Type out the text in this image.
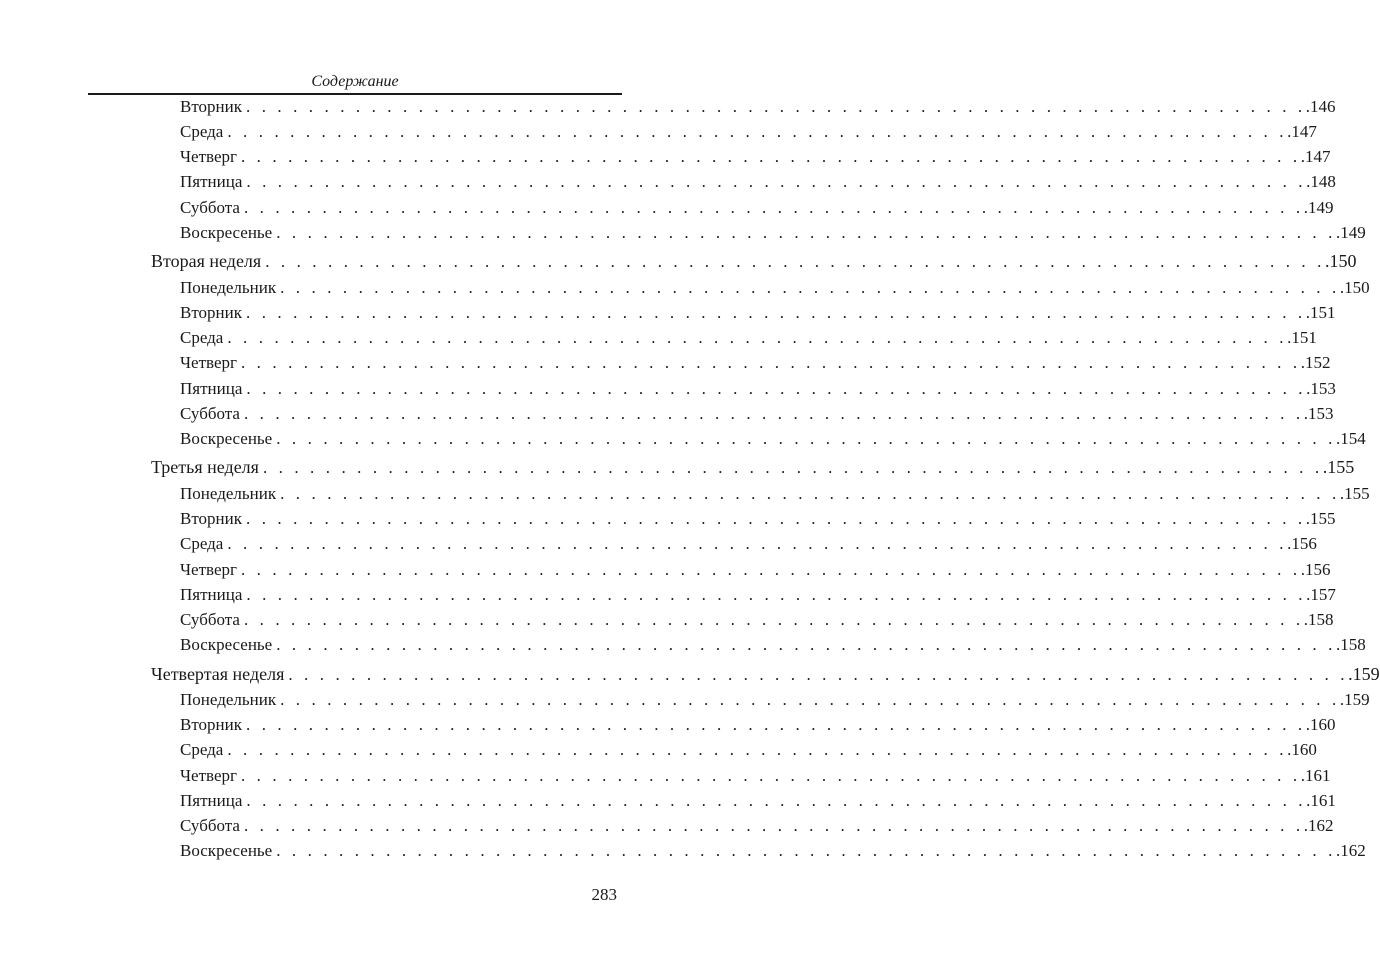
Содержание
Вторник . . . . . . . . . . . . . . . . . . . . . . . . . . . . . . . . . . . . . . . . . . . . . . . . . . . . . . . . . . . . . . . . . . . . .146
Среда . . . . . . . . . . . . . . . . . . . . . . . . . . . . . . . . . . . . . . . . . . . . . . . . . . . . . . . . . . . . . . . . . . . . .147
Четверг . . . . . . . . . . . . . . . . . . . . . . . . . . . . . . . . . . . . . . . . . . . . . . . . . . . . . . . . . . . . . . . . . . . . .147
Пятница . . . . . . . . . . . . . . . . . . . . . . . . . . . . . . . . . . . . . . . . . . . . . . . . . . . . . . . . . . . . . . . . . . . . .148
Суббота . . . . . . . . . . . . . . . . . . . . . . . . . . . . . . . . . . . . . . . . . . . . . . . . . . . . . . . . . . . . . . . . . . . . .149
Воскресенье . . . . . . . . . . . . . . . . . . . . . . . . . . . . . . . . . . . . . . . . . . . . . . . . . . . . . . . . . . . . . . . . . . . . .149
Вторая неделя . . . . . . . . . . . . . . . . . . . . . . . . . . . . . . . . . . . . . . . . . . . . . . . . . . . . . . . . . . . . . . . . . . . . .150
Понедельник . . . . . . . . . . . . . . . . . . . . . . . . . . . . . . . . . . . . . . . . . . . . . . . . . . . . . . . . . . . . . . . . . . . . .150
Вторник . . . . . . . . . . . . . . . . . . . . . . . . . . . . . . . . . . . . . . . . . . . . . . . . . . . . . . . . . . . . . . . . . . . . .151
Среда . . . . . . . . . . . . . . . . . . . . . . . . . . . . . . . . . . . . . . . . . . . . . . . . . . . . . . . . . . . . . . . . . . . . .151
Четверг . . . . . . . . . . . . . . . . . . . . . . . . . . . . . . . . . . . . . . . . . . . . . . . . . . . . . . . . . . . . . . . . . . . . .152
Пятница . . . . . . . . . . . . . . . . . . . . . . . . . . . . . . . . . . . . . . . . . . . . . . . . . . . . . . . . . . . . . . . . . . . . .153
Суббота . . . . . . . . . . . . . . . . . . . . . . . . . . . . . . . . . . . . . . . . . . . . . . . . . . . . . . . . . . . . . . . . . . . . .153
Воскресенье . . . . . . . . . . . . . . . . . . . . . . . . . . . . . . . . . . . . . . . . . . . . . . . . . . . . . . . . . . . . . . . . . . . . .154
Третья неделя . . . . . . . . . . . . . . . . . . . . . . . . . . . . . . . . . . . . . . . . . . . . . . . . . . . . . . . . . . . . . . . . . . . . .155
Понедельник . . . . . . . . . . . . . . . . . . . . . . . . . . . . . . . . . . . . . . . . . . . . . . . . . . . . . . . . . . . . . . . . . . . . .155
Вторник . . . . . . . . . . . . . . . . . . . . . . . . . . . . . . . . . . . . . . . . . . . . . . . . . . . . . . . . . . . . . . . . . . . . .155
Среда . . . . . . . . . . . . . . . . . . . . . . . . . . . . . . . . . . . . . . . . . . . . . . . . . . . . . . . . . . . . . . . . . . . . .156
Четверг . . . . . . . . . . . . . . . . . . . . . . . . . . . . . . . . . . . . . . . . . . . . . . . . . . . . . . . . . . . . . . . . . . . . .156
Пятница . . . . . . . . . . . . . . . . . . . . . . . . . . . . . . . . . . . . . . . . . . . . . . . . . . . . . . . . . . . . . . . . . . . . .157
Суббота . . . . . . . . . . . . . . . . . . . . . . . . . . . . . . . . . . . . . . . . . . . . . . . . . . . . . . . . . . . . . . . . . . . . .158
Воскресенье . . . . . . . . . . . . . . . . . . . . . . . . . . . . . . . . . . . . . . . . . . . . . . . . . . . . . . . . . . . . . . . . . . . . .158
Четвертая неделя . . . . . . . . . . . . . . . . . . . . . . . . . . . . . . . . . . . . . . . . . . . . . . . . . . . . . . . . . . . . . . . . . . . . .159
Понедельник . . . . . . . . . . . . . . . . . . . . . . . . . . . . . . . . . . . . . . . . . . . . . . . . . . . . . . . . . . . . . . . . . . . . .159
Вторник . . . . . . . . . . . . . . . . . . . . . . . . . . . . . . . . . . . . . . . . . . . . . . . . . . . . . . . . . . . . . . . . . . . . .160
Среда . . . . . . . . . . . . . . . . . . . . . . . . . . . . . . . . . . . . . . . . . . . . . . . . . . . . . . . . . . . . . . . . . . . . .160
Четверг . . . . . . . . . . . . . . . . . . . . . . . . . . . . . . . . . . . . . . . . . . . . . . . . . . . . . . . . . . . . . . . . . . . . .161
Пятница . . . . . . . . . . . . . . . . . . . . . . . . . . . . . . . . . . . . . . . . . . . . . . . . . . . . . . . . . . . . . . . . . . . . .161
Суббота . . . . . . . . . . . . . . . . . . . . . . . . . . . . . . . . . . . . . . . . . . . . . . . . . . . . . . . . . . . . . . . . . . . . .162
Воскресенье . . . . . . . . . . . . . . . . . . . . . . . . . . . . . . . . . . . . . . . . . . . . . . . . . . . . . . . . . . . . . . . . . . . . .162
283
